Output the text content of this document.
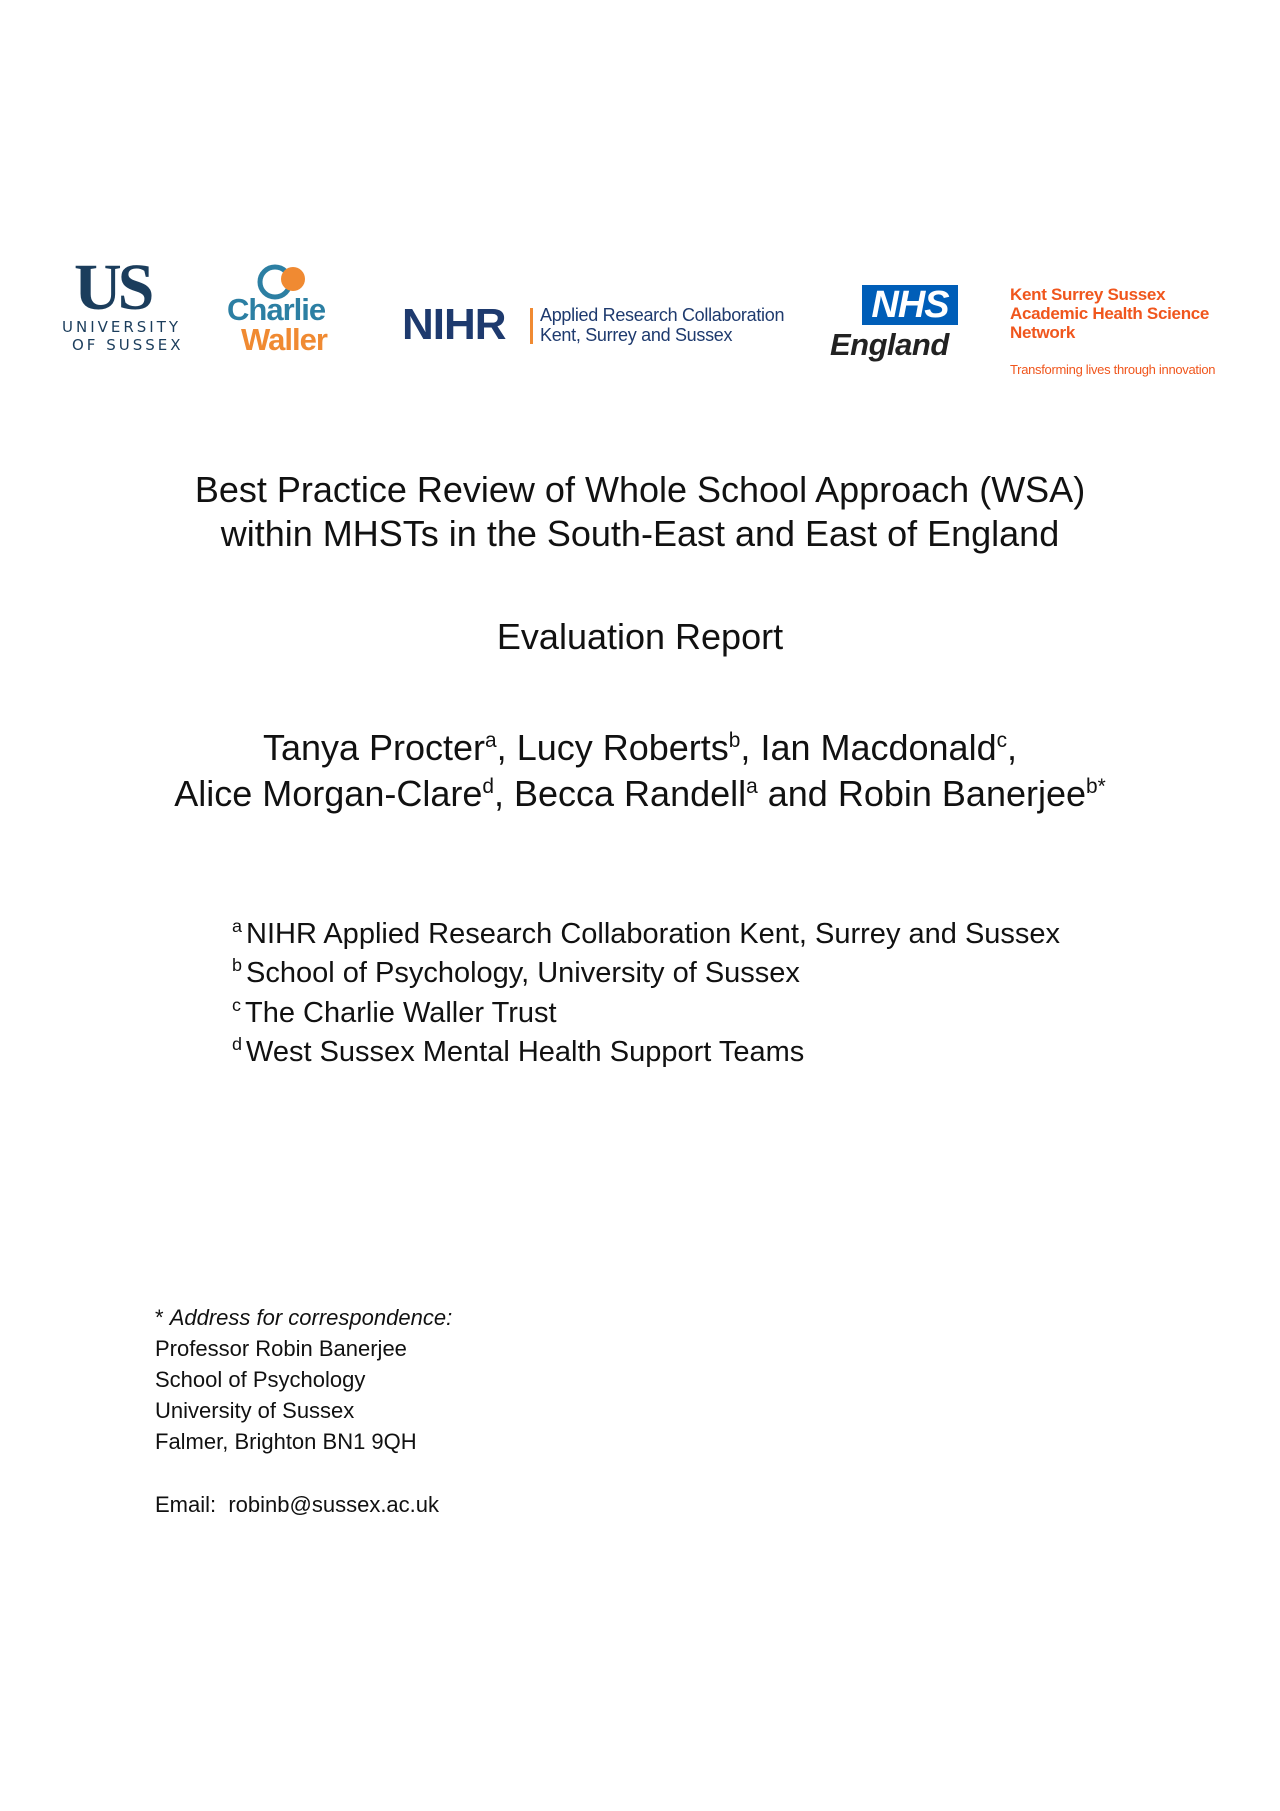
US
UNIVERSITY
OF SUSSEX
Charlie
Waller NIHR Applied Research Collaboration
Kent, Surrey and Sussex
NHS
England
Kent Surrey Sussex
Academic Health Science
Network
Transforming lives through innovation
Best Practice Review of Whole School Approach (WSA)
within MHSTs in the South-East and East of England
Evaluation Report
Tanya Procter$^a$, Lucy Roberts$^b$, Ian Macdonald$^c$,
Alice Morgan-Clare$^d$, Becca Randell$^a$ and Robin Banerjee$^{b*}$
$^a$ NIHR Applied Research Collaboration Kent, Surrey and Sussex
$^b$ School of Psychology, University of Sussex
$^c$ The Charlie Waller Trust
$^d$ West Sussex Mental Health Support Teams
* Address for correspondence:
Professor Robin Banerjee
School of Psychology
University of Sussex
Falmer, Brighton BN1 9QH
Email: robinb@sussex.ac.uk
